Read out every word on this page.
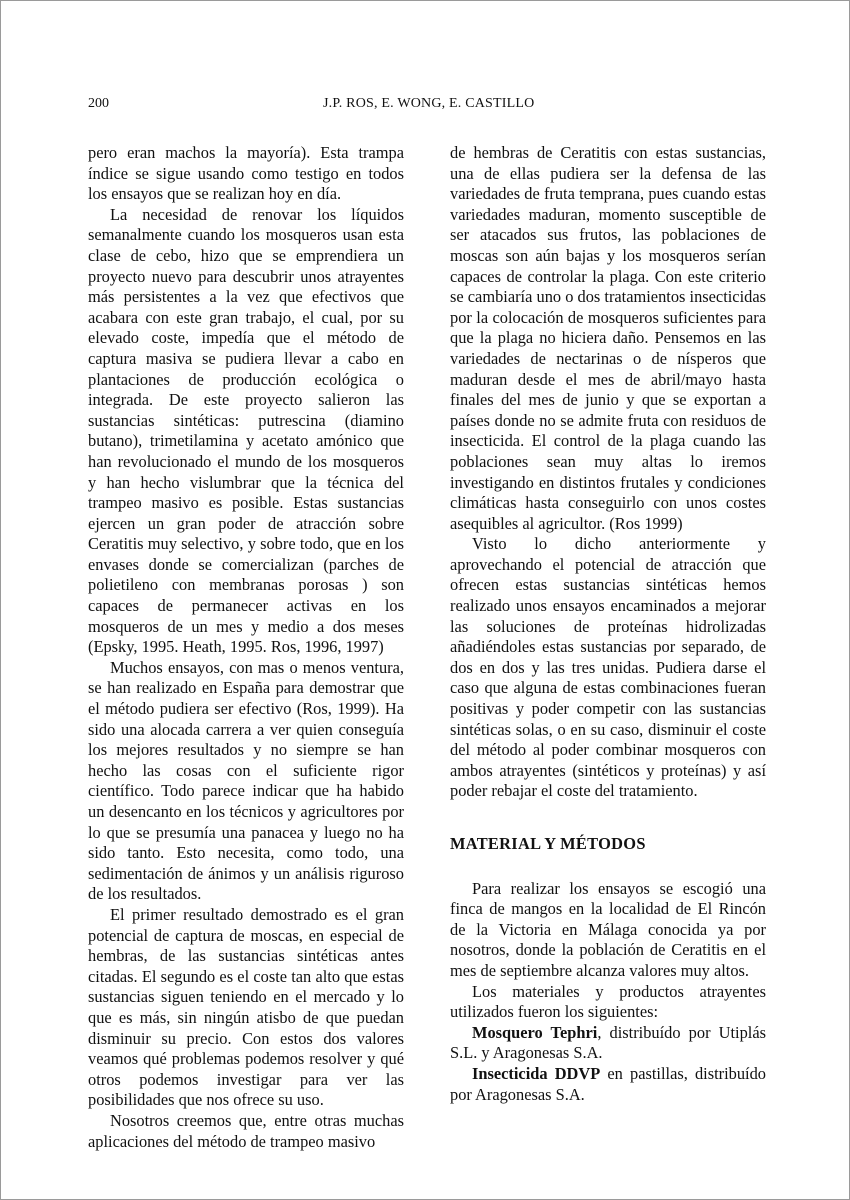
200	J.P. ROS, E. WONG, E. CASTILLO

pero eran machos la mayoría). Esta trampa índice se sigue usando como testigo en todos los ensayos que se realizan hoy en día.

La necesidad de renovar los líquidos semanalmente cuando los mosqueros usan esta clase de cebo, hizo que se emprendiera un proyecto nuevo para descubrir unos atrayentes más persistentes a la vez que efectivos que acabara con este gran trabajo, el cual, por su elevado coste, impedía que el método de captura masiva se pudiera llevar a cabo en plantaciones de producción ecológica o integrada. De este proyecto salieron las sustancias sintéticas: putrescina (diamino butano), trimetilamina y acetato amónico que han revolucionado el mundo de los mosqueros y han hecho vislumbrar que la técnica del trampeo masivo es posible. Estas sustancias ejercen un gran poder de atracción sobre Ceratitis muy selectivo, y sobre todo, que en los envases donde se comercializan (parches de polietileno con membranas porosas ) son capaces de permanecer activas en los mosqueros de un mes y medio a dos meses (Epsky, 1995. Heath, 1995. Ros, 1996, 1997)

Muchos ensayos, con mas o menos ventura, se han realizado en España para demostrar que el método pudiera ser efectivo (Ros, 1999). Ha sido una alocada carrera a ver quien conseguía los mejores resultados y no siempre se han hecho las cosas con el suficiente rigor científico. Todo parece indicar que ha habido un desencanto en los técnicos y agricultores por lo que se presumía una panacea y luego no ha sido tanto. Esto necesita, como todo, una sedimentación de ánimos y un análisis riguroso de los resultados.

El primer resultado demostrado es el gran potencial de captura de moscas, en especial de hembras, de las sustancias sintéticas antes citadas. El segundo es el coste tan alto que estas sustancias siguen teniendo en el mercado y lo que es más, sin ningún atisbo de que puedan disminuir su precio. Con estos dos valores veamos qué problemas podemos resolver y qué otros podemos investigar para ver las posibilidades que nos ofrece su uso.

Nosotros creemos que, entre otras muchas aplicaciones del método de trampeo masivo

de hembras de Ceratitis con estas sustancias, una de ellas pudiera ser la defensa de las variedades de fruta temprana, pues cuando estas variedades maduran, momento susceptible de ser atacados sus frutos, las poblaciones de moscas son aún bajas y los mosqueros serían capaces de controlar la plaga. Con este criterio se cambiaría uno o dos tratamientos insecticidas por la colocación de mosqueros suficientes para que la plaga no hiciera daño. Pensemos en las variedades de nectarinas o de nísperos que maduran desde el mes de abril/mayo hasta finales del mes de junio y que se exportan a países donde no se admite fruta con residuos de insecticida. El control de la plaga cuando las poblaciones sean muy altas lo iremos investigando en distintos frutales y condiciones climáticas hasta conseguirlo con unos costes asequibles al agricultor. (Ros 1999)

Visto lo dicho anteriormente y aprovechando el potencial de atracción que ofrecen estas sustancias sintéticas hemos realizado unos ensayos encaminados a mejorar las soluciones de proteínas hidrolizadas añadiéndoles estas sustancias por separado, de dos en dos y las tres unidas. Pudiera darse el caso que alguna de estas combinaciones fueran positivas y poder competir con las sustancias sintéticas solas, o en su caso, disminuir el coste del método al poder combinar mosqueros con ambos atrayentes (sintéticos y proteínas) y así poder rebajar el coste del tratamiento.

MATERIAL Y MÉTODOS

Para realizar los ensayos se escogió una finca de mangos en la localidad de El Rincón de la Victoria en Málaga conocida ya por nosotros, donde la población de Ceratitis en el mes de septiembre alcanza valores muy altos.

Los materiales y productos atrayentes utilizados fueron los siguientes:

Mosquero Tephri, distribuído por Utiplás S.L. y Aragonesas S.A.

Insecticida DDVP en pastillas, distribuído por Aragonesas S.A.
